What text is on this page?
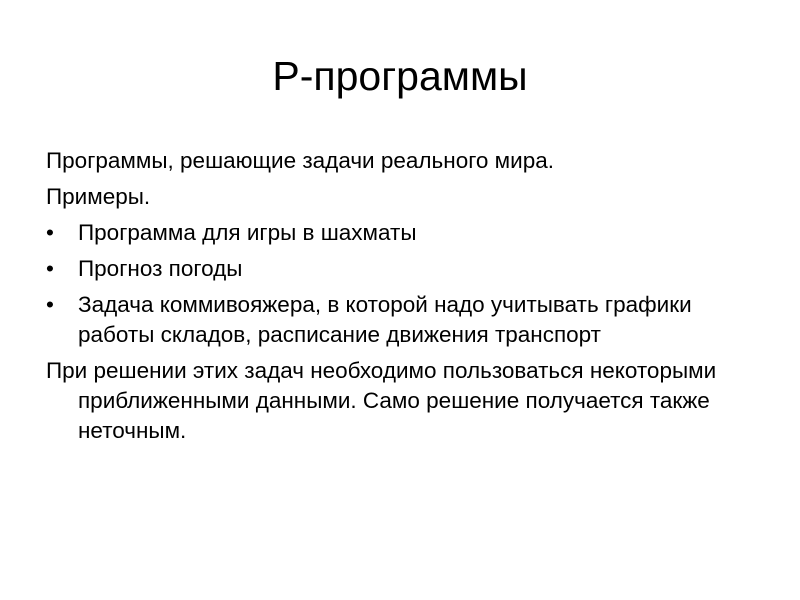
Р-программы

Программы, решающие задачи реального мира.

Примеры.

•	Программа для игры в шахматы
•	Прогноз погоды
•	Задача коммивояжера, в которой надо учитывать графики работы складов, расписание движения транспорт

При решении этих задач необходимо пользоваться некоторыми приближенными данными. Само решение получается также неточным.
